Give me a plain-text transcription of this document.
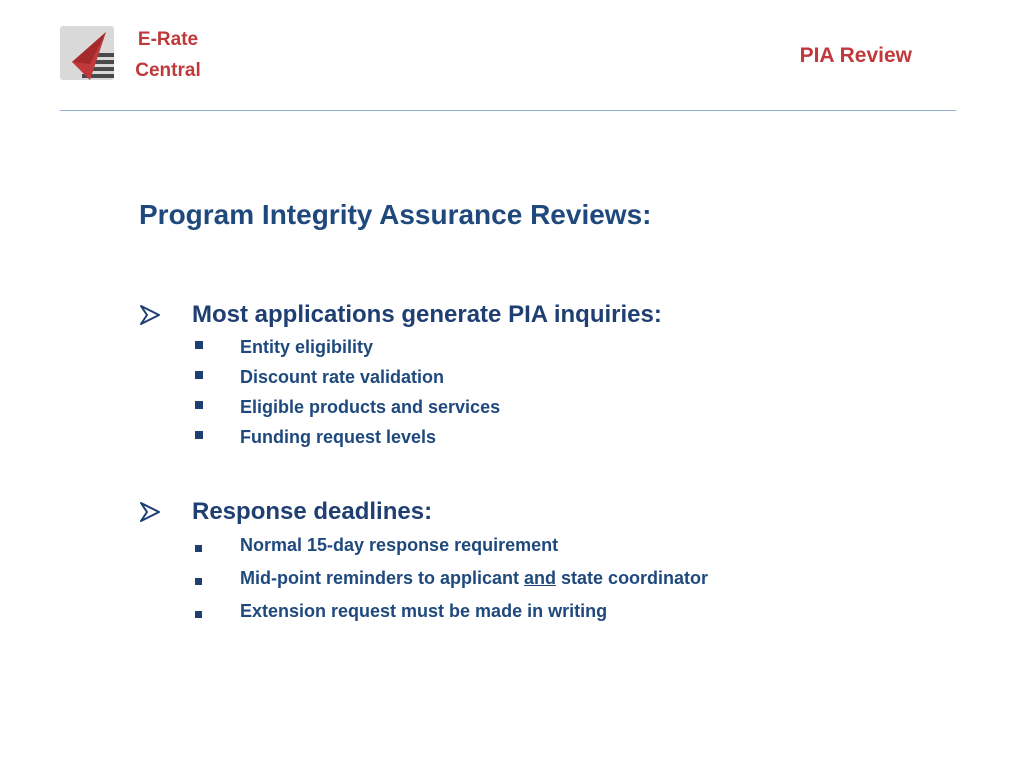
E-Rate
Central
PIA Review
Program Integrity Assurance Reviews:
Most applications generate PIA inquiries:
Entity eligibility
Discount rate validation
Eligible products and services
Funding request levels
Response deadlines:
Normal 15-day response requirement
Mid-point reminders to applicant and state coordinator
Extension request must be made in writing
